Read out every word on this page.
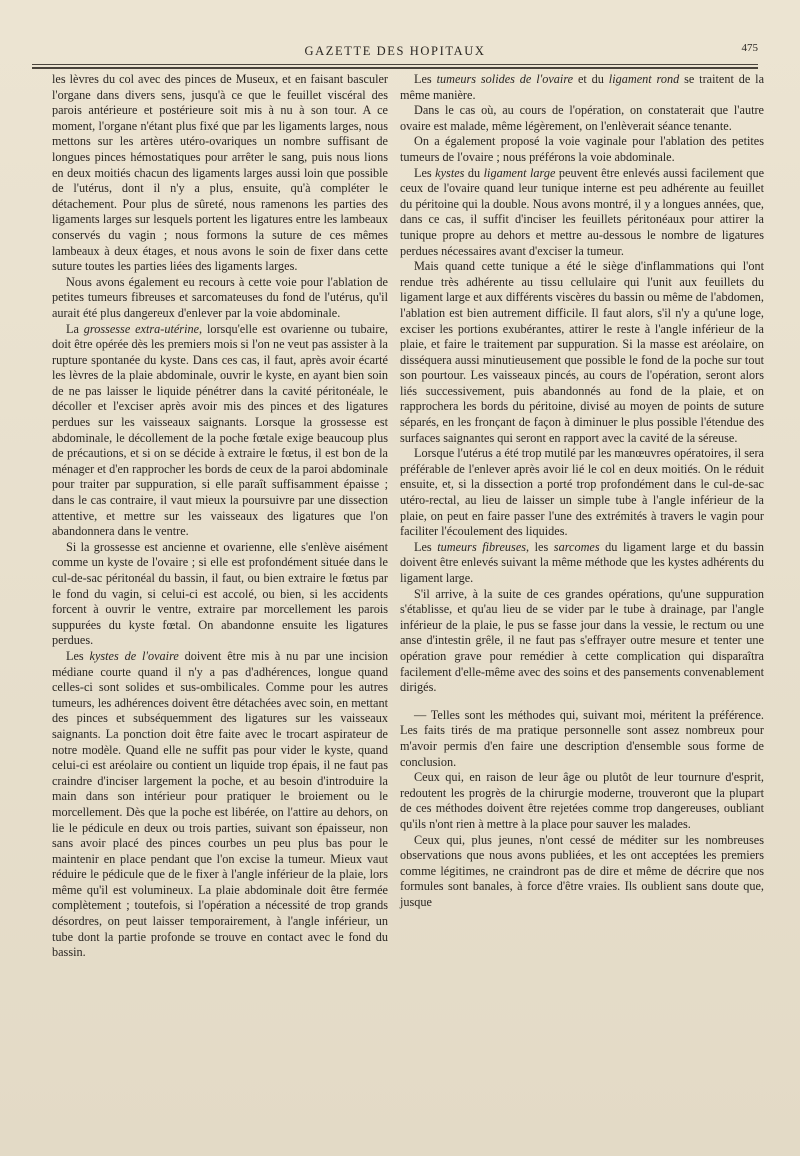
GAZETTE DES HOPITAUX	475

les lèvres du col avec des pinces de Museux, et en faisant basculer l'organe dans divers sens, jusqu'à ce que le feuillet viscéral des parois antérieure et postérieure soit mis à nu à son tour. A ce moment, l'organe n'étant plus fixé que par les ligaments larges, nous mettons sur les artères utéro-ovariques un nombre suffisant de longues pinces hémostatiques pour arrêter le sang, puis nous lions en deux moitiés chacun des ligaments larges aussi loin que possible de l'utérus, dont il n'y a plus, ensuite, qu'à compléter le détachement. Pour plus de sûreté, nous ramenons les parties des ligaments larges sur lesquels portent les ligatures entre les lambeaux conservés du vagin ; nous formons la suture de ces mêmes lambeaux à deux étages, et nous avons le soin de fixer dans cette suture toutes les parties liées des ligaments larges.

Nous avons également eu recours à cette voie pour l'ablation de petites tumeurs fibreuses et sarcomateuses du fond de l'utérus, qu'il aurait été plus dangereux d'enlever par la voie abdominale.

La grossesse extra-utérine, lorsqu'elle est ovarienne ou tubaire, doit être opérée dès les premiers mois si l'on ne veut pas assister à la rupture spontanée du kyste. Dans ces cas, il faut, après avoir écarté les lèvres de la plaie abdominale, ouvrir le kyste, en ayant bien soin de ne pas laisser le liquide pénétrer dans la cavité péritonéale, le décoller et l'exciser après avoir mis des pinces et des ligatures perdues sur les vaisseaux saignants. Lorsque la grossesse est abdominale, le décollement de la poche fœtale exige beaucoup plus de précautions, et si on se décide à extraire le fœtus, il est bon de la ménager et d'en rapprocher les bords de ceux de la paroi abdominale pour traiter par suppuration, si elle paraît suffisamment épaisse ; dans le cas contraire, il vaut mieux la poursuivre par une dissection attentive, et mettre sur les vaisseaux des ligatures que l'on abandonnera dans le ventre.

Si la grossesse est ancienne et ovarienne, elle s'enlève aisément comme un kyste de l'ovaire ; si elle est profondément située dans le cul-de-sac péritonéal du bassin, il faut, ou bien extraire le fœtus par le fond du vagin, si celui-ci est accolé, ou bien, si les accidents forcent à ouvrir le ventre, extraire par morcellement les parois suppurées du kyste fœtal. On abandonne ensuite les ligatures perdues.

Les kystes de l'ovaire doivent être mis à nu par une incision médiane courte quand il n'y a pas d'adhérences, longue quand celles-ci sont solides et sus-ombilicales. Comme pour les autres tumeurs, les adhérences doivent être détachées avec soin, en mettant des pinces et subséquemment des ligatures sur les vaisseaux saignants. La ponction doit être faite avec le trocart aspirateur de notre modèle. Quand elle ne suffit pas pour vider le kyste, quand celui-ci est aréolaire ou contient un liquide trop épais, il ne faut pas craindre d'inciser largement la poche, et au besoin d'introduire la main dans son intérieur pour pratiquer le broiement ou le morcellement. Dès que la poche est libérée, on l'attire au dehors, on lie le pédicule en deux ou trois parties, suivant son épaisseur, non sans avoir placé des pinces courbes un peu plus bas pour le maintenir en place pendant que l'on excise la tumeur. Mieux vaut réduire le pédicule que de le fixer à l'angle inférieur de la plaie, lors même qu'il est volumineux. La plaie abdominale doit être fermée complètement ; toutefois, si l'opération a nécessité de trop grands désordres, on peut laisser temporairement, à l'angle inférieur, un tube dont la partie profonde se trouve en contact avec le fond du bassin.

Les tumeurs solides de l'ovaire et du ligament rond se traitent de la même manière.

Dans le cas où, au cours de l'opération, on constaterait que l'autre ovaire est malade, même légèrement, on l'enlèverait séance tenante.

On a également proposé la voie vaginale pour l'ablation des petites tumeurs de l'ovaire ; nous préférons la voie abdominale.

Les kystes du ligament large peuvent être enlevés aussi facilement que ceux de l'ovaire quand leur tunique interne est peu adhérente au feuillet du péritoine qui la double. Nous avons montré, il y a longues années, que, dans ce cas, il suffit d'inciser les feuillets péritonéaux pour attirer la tunique propre au dehors et mettre au-dessous le nombre de ligatures perdues nécessaires avant d'exciser la tumeur.

Mais quand cette tunique a été le siège d'inflammations qui l'ont rendue très adhérente au tissu cellulaire qui l'unit aux feuillets du ligament large et aux différents viscères du bassin ou même de l'abdomen, l'ablation est bien autrement difficile. Il faut alors, s'il n'y a qu'une loge, exciser les portions exubérantes, attirer le reste à l'angle inférieur de la plaie, et faire le traitement par suppuration. Si la masse est aréolaire, on disséquera aussi minutieusement que possible le fond de la poche sur tout son pourtour. Les vaisseaux pincés, au cours de l'opération, seront alors liés successivement, puis abandonnés au fond de la plaie, et on rapprochera les bords du péritoine, divisé au moyen de points de suture séparés, en les fronçant de façon à diminuer le plus possible l'étendue des surfaces saignantes qui seront en rapport avec la cavité de la séreuse.

Lorsque l'utérus a été trop mutilé par les manœuvres opératoires, il sera préférable de l'enlever après avoir lié le col en deux moitiés. On le réduit ensuite, et, si la dissection a porté trop profondément dans le cul-de-sac utéro-rectal, au lieu de laisser un simple tube à l'angle inférieur de la plaie, on peut en faire passer l'une des extrémités à travers le vagin pour faciliter l'écoulement des liquides.

Les tumeurs fibreuses, les sarcomes du ligament large et du bassin doivent être enlevés suivant la même méthode que les kystes adhérents du ligament large.

S'il arrive, à la suite de ces grandes opérations, qu'une suppuration s'établisse, et qu'au lieu de se vider par le tube à drainage, par l'angle inférieur de la plaie, le pus se fasse jour dans la vessie, le rectum ou une anse d'intestin grêle, il ne faut pas s'effrayer outre mesure et tenter une opération grave pour remédier à cette complication qui disparaîtra facilement d'elle-même avec des soins et des pansements convenablement dirigés.

— Telles sont les méthodes qui, suivant moi, méritent la préférence. Les faits tirés de ma pratique personnelle sont assez nombreux pour m'avoir permis d'en faire une description d'ensemble sous forme de conclusion.

Ceux qui, en raison de leur âge ou plutôt de leur tournure d'esprit, redoutent les progrès de la chirurgie moderne, trouveront que la plupart de ces méthodes doivent être rejetées comme trop dangereuses, oubliant qu'ils n'ont rien à mettre à la place pour sauver les malades.

Ceux qui, plus jeunes, n'ont cessé de méditer sur les nombreuses observations que nous avons publiées, et les ont acceptées les premiers comme légitimes, ne craindront pas de dire et même de décrire que nos formules sont banales, à force d'être vraies. Ils oublient sans doute que, jusque
